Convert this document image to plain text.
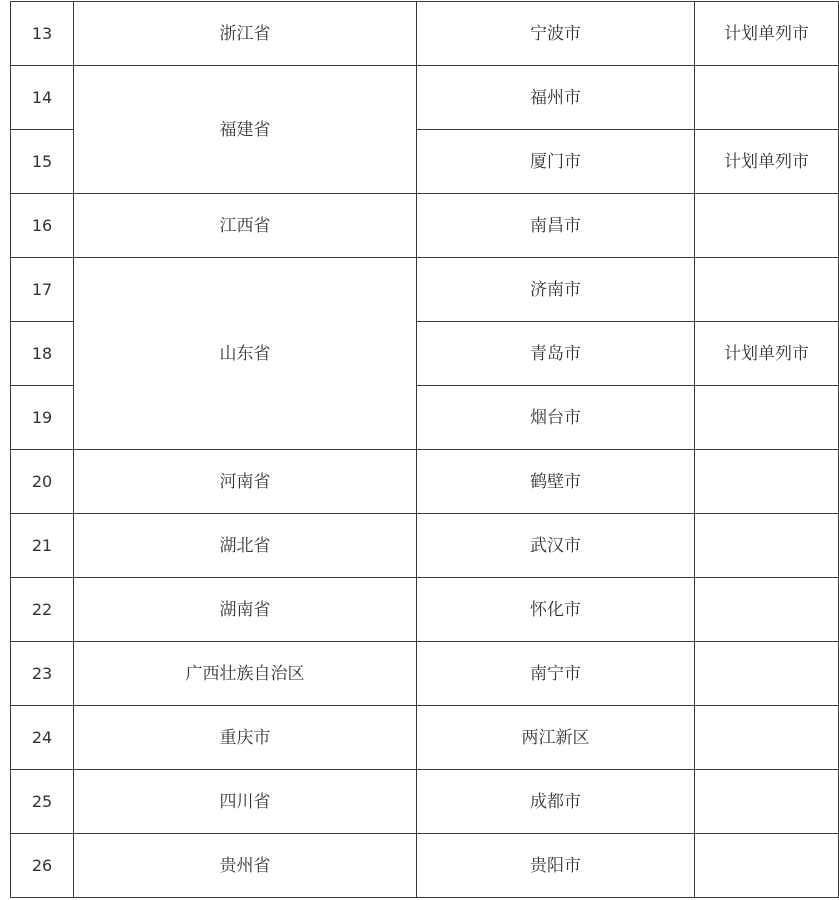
13	浙江省	宁波市	计划单列市
14	福建省	福州市	
15		厦门市	计划单列市
16	江西省	南昌市	
17	山东省	济南市	
18		青岛市	计划单列市
19		烟台市	
20	河南省	鹤壁市	
21	湖北省	武汉市	
22	湖南省	怀化市	
23	广西壮族自治区	南宁市	
24	重庆市	两江新区	
25	四川省	成都市	
26	贵州省	贵阳市	
